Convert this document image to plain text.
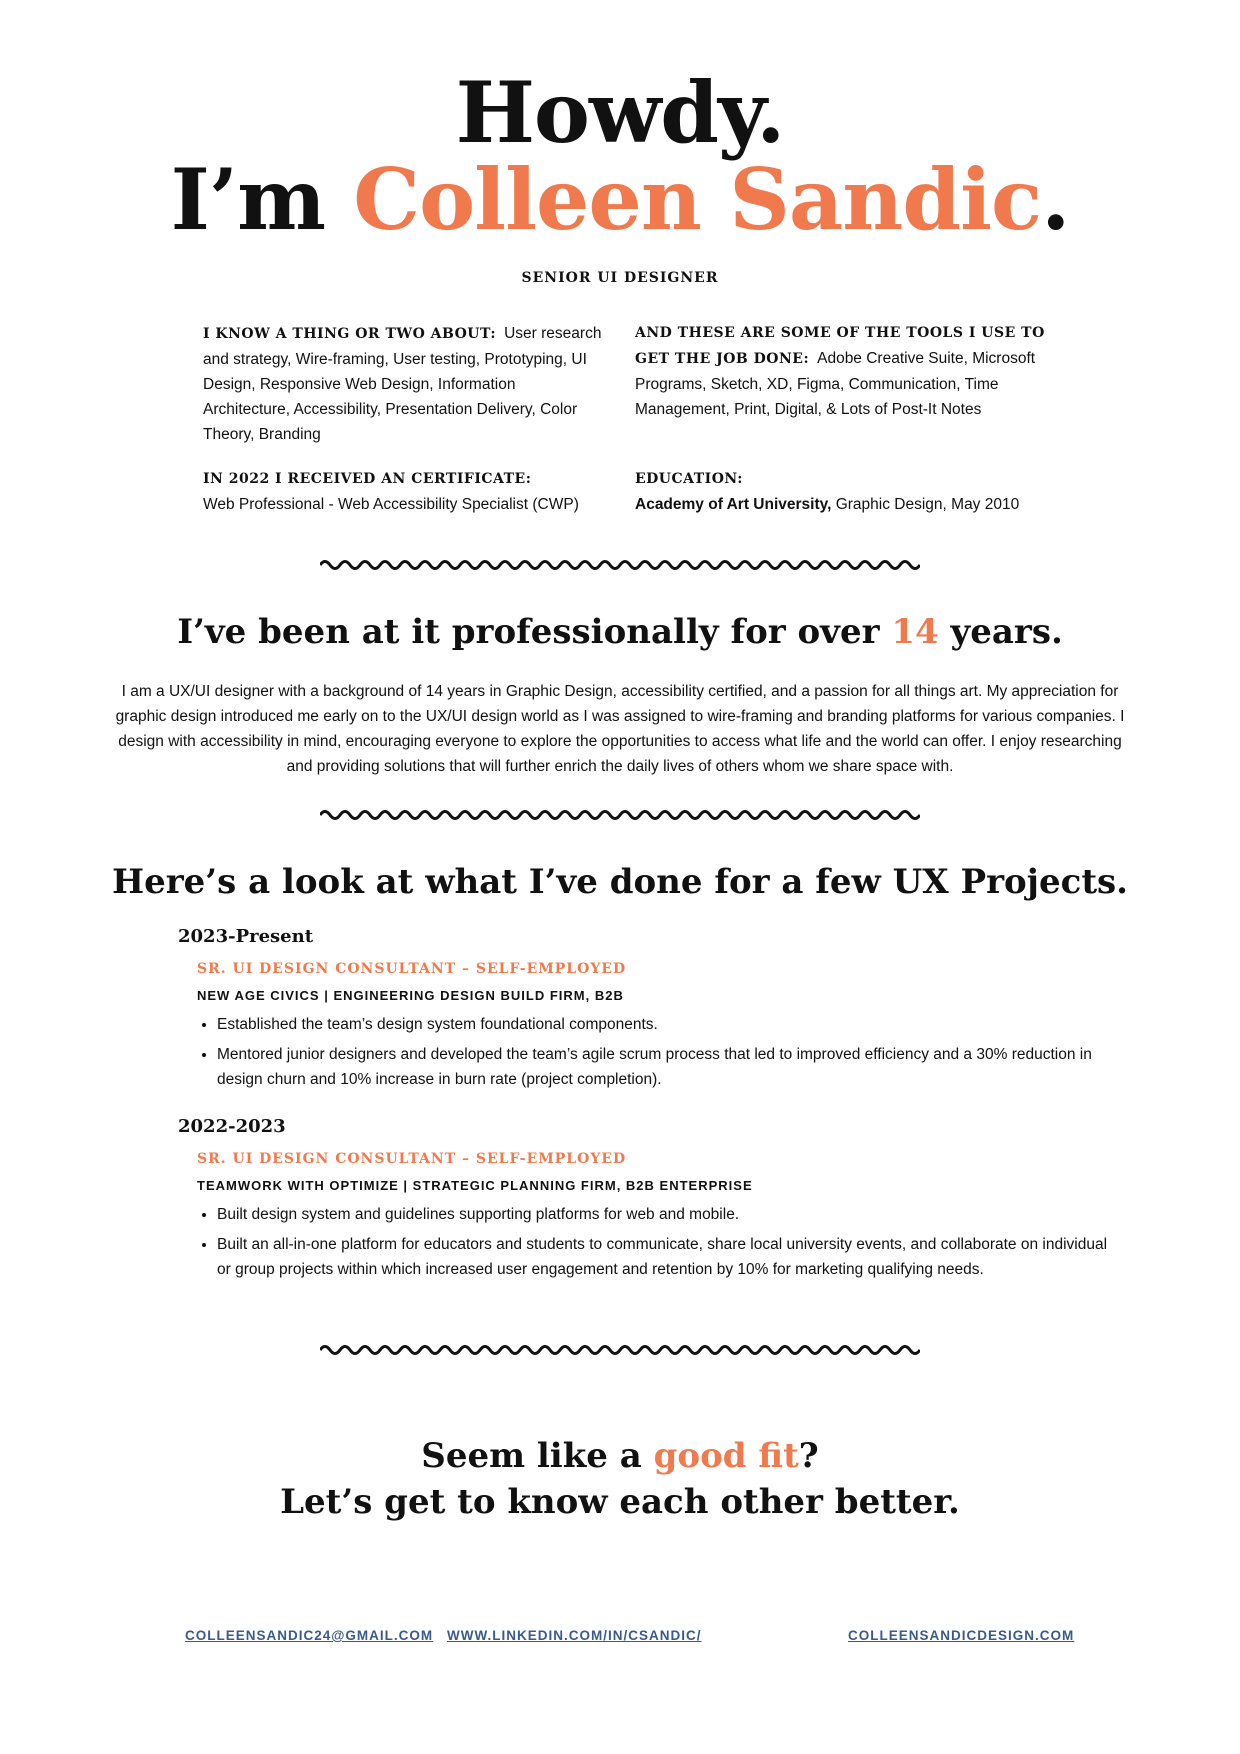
Howdy.
I’m Colleen Sandic.
SENIOR UI DESIGNER
I KNOW A THING OR TWO ABOUT: User research and strategy, Wire-framing, User testing, Prototyping, UI Design, Responsive Web Design, Information Architecture, Accessibility, Presentation Delivery, Color Theory, Branding
AND THESE ARE SOME OF THE TOOLS I USE TO GET THE JOB DONE: Adobe Creative Suite, Microsoft Programs, Sketch, XD, Figma, Communication, Time Management, Print, Digital, & Lots of Post-It Notes
IN 2022 I RECEIVED AN CERTIFICATE:
Web Professional - Web Accessibility Specialist (CWP)
EDUCATION:
Academy of Art University, Graphic Design, May 2010
I’ve been at it professionally for over 14 years.
I am a UX/UI designer with a background of 14 years in Graphic Design, accessibility certified, and a passion for all things art. My appreciation for graphic design introduced me early on to the UX/UI design world as I was assigned to wire-framing and branding platforms for various companies. I design with accessibility in mind, encouraging everyone to explore the opportunities to access what life and the world can offer. I enjoy researching and providing solutions that will further enrich the daily lives of others whom we share space with.
Here’s a look at what I’ve done for a few UX Projects.
2023-Present
SR. UI DESIGN CONSULTANT – SELF-EMPLOYED
NEW AGE CIVICS | ENGINEERING DESIGN BUILD FIRM, B2B
• Established the team’s design system foundational components.
• Mentored junior designers and developed the team’s agile scrum process that led to improved efficiency and a 30% reduction in design churn and 10% increase in burn rate (project completion).
2022-2023
SR. UI DESIGN CONSULTANT – SELF-EMPLOYED
TEAMWORK WITH OPTIMIZE | STRATEGIC PLANNING FIRM, B2B ENTERPRISE
• Built design system and guidelines supporting platforms for web and mobile.
• Built an all-in-one platform for educators and students to communicate, share local university events, and collaborate on individual or group projects within which increased user engagement and retention by 10% for marketing qualifying needs.
Seem like a good fit?
Let’s get to know each other better.
COLLEENSANDIC24@GMAIL.COM WWW.LINKEDIN.COM/IN/CSANDIC/	COLLEENSANDICDESIGN.COM
